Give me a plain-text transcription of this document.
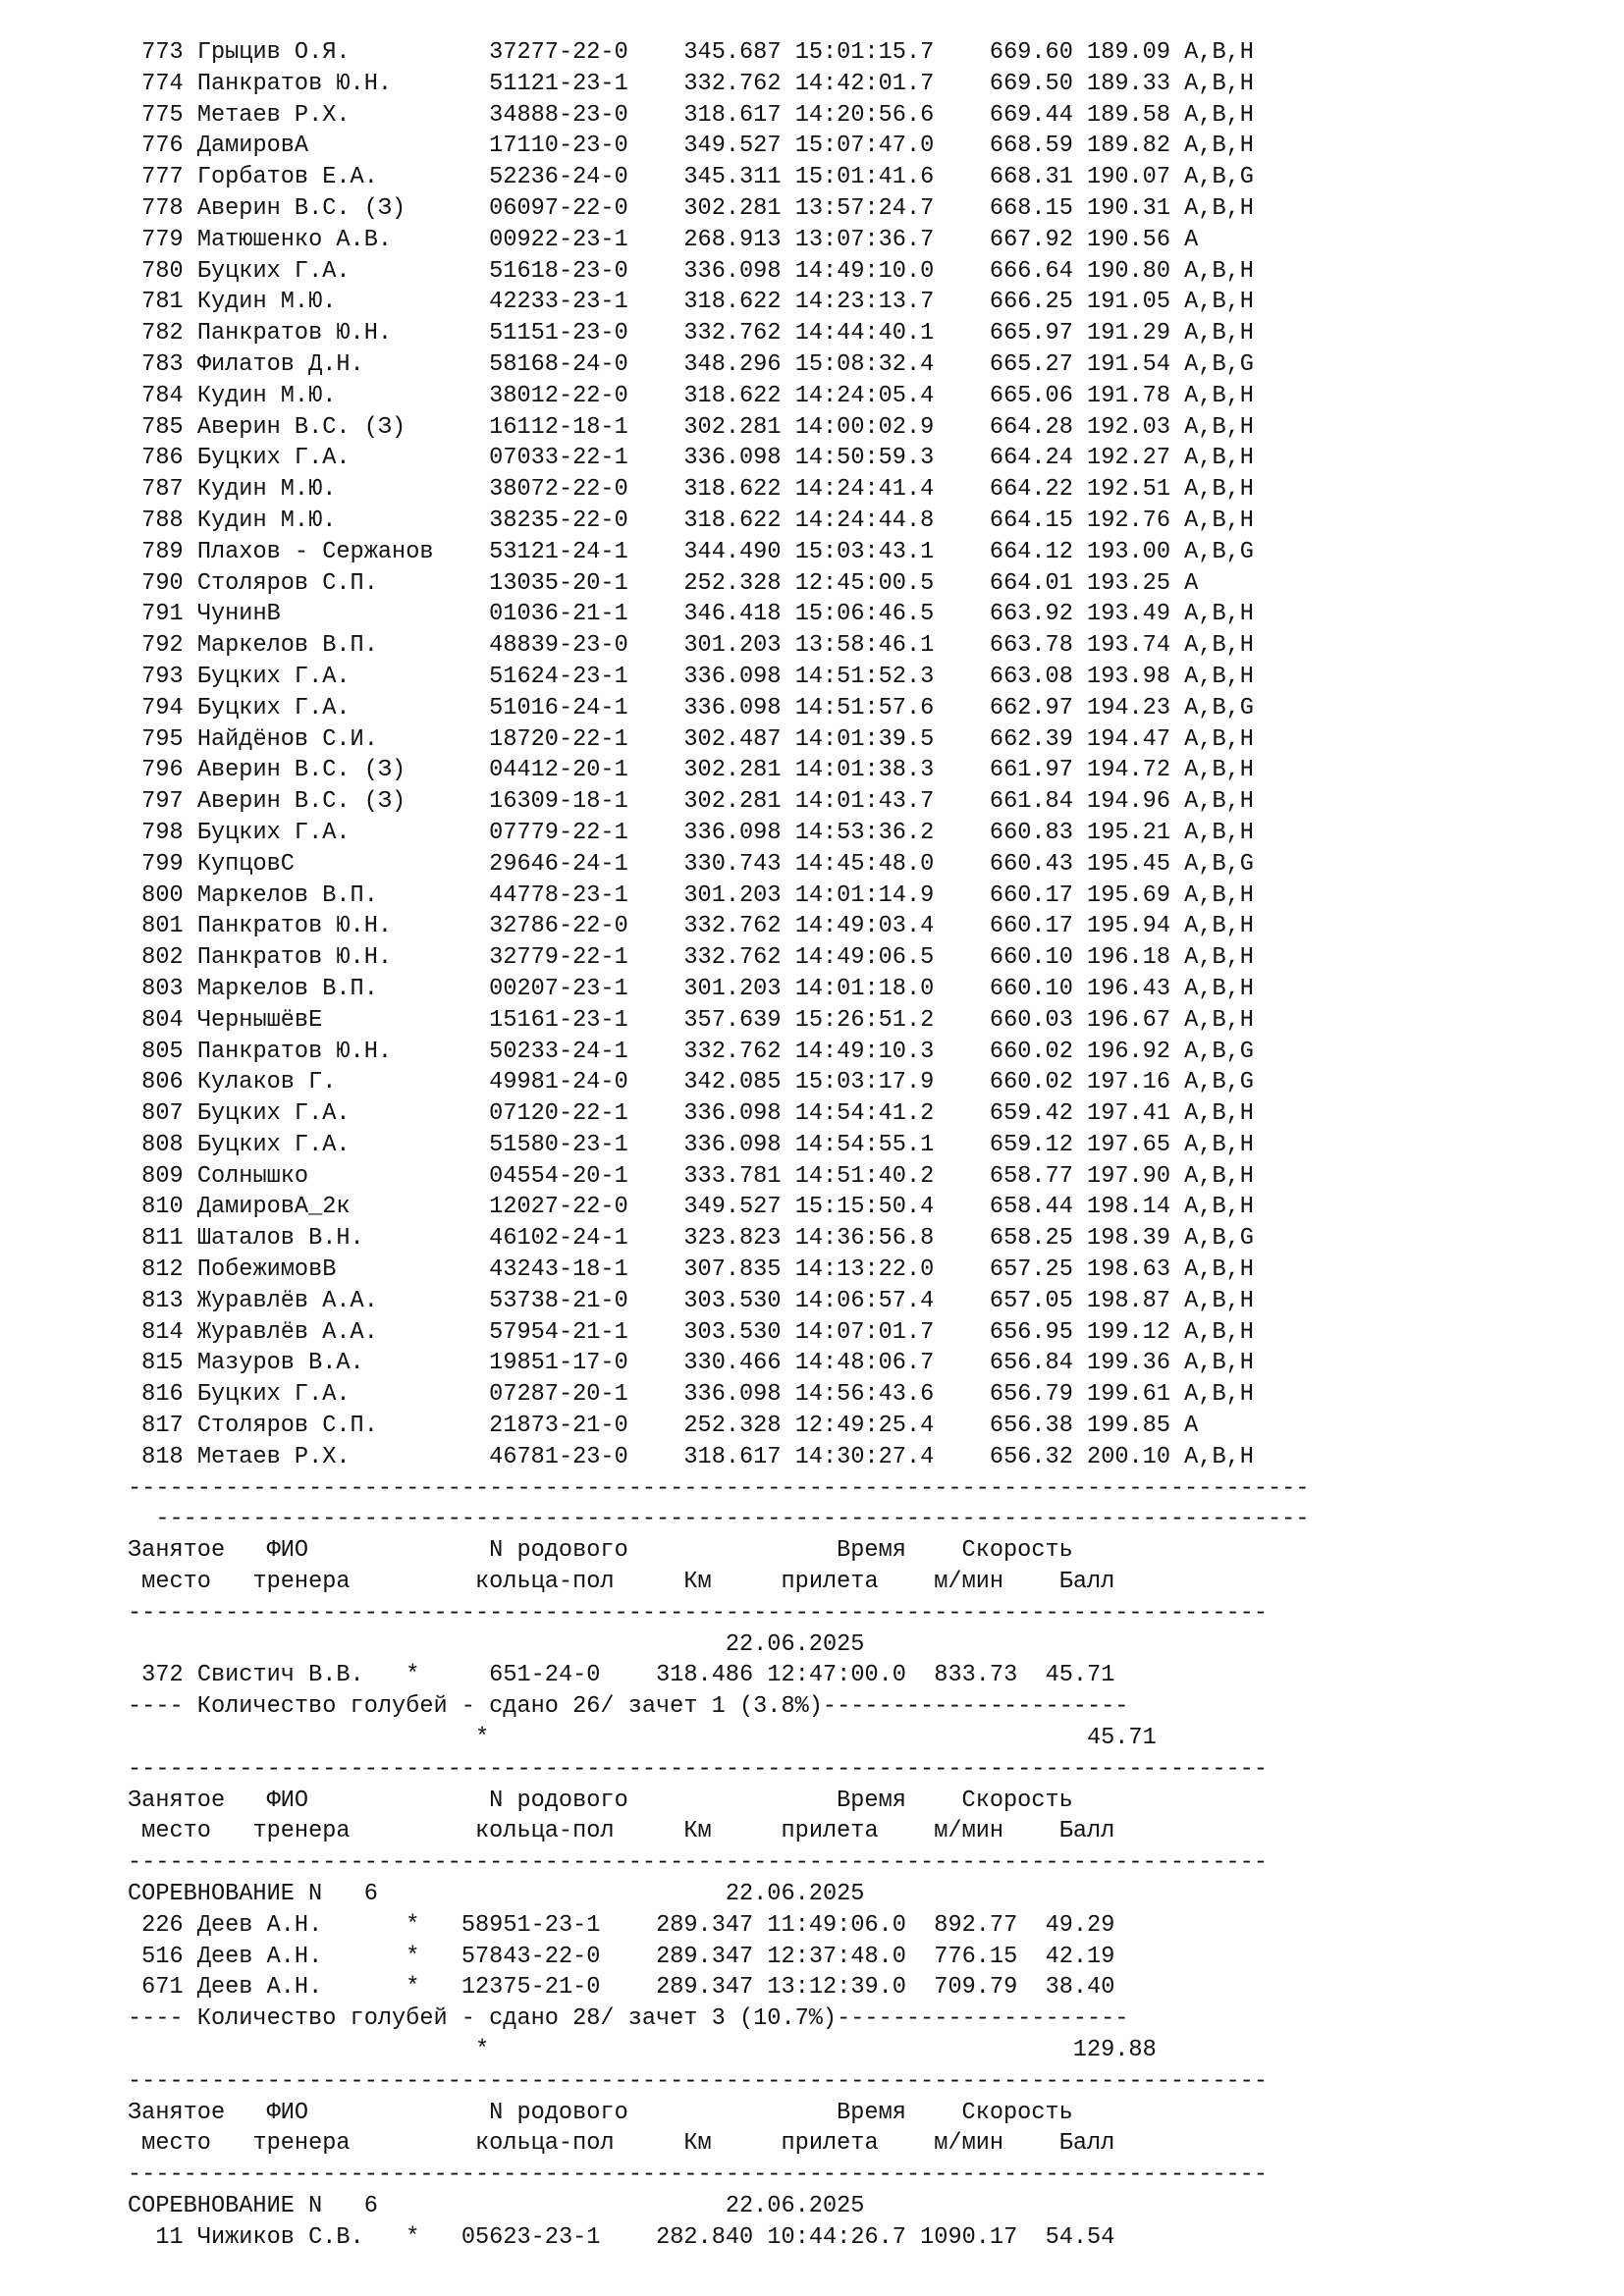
773 Грыцив О.Я.          37277-22-0 345.687 15:01:15.7 669.60 189.09 A,B,H
774 Панкратов Ю.Н.       51121-23-1 332.762 14:42:01.7 669.50 189.33 A,B,H
775 Метаев Р.Х.          34888-23-0 318.617 14:20:56.6 669.44 189.58 A,B,H
776 ДамировА             17110-23-0 349.527 15:07:47.0 668.59 189.82 A,B,H
777 Горбатов Е.А.        52236-24-0 345.311 15:01:41.6 668.31 190.07 A,B,G
778 Аверин В.С. (З)      06097-22-0 302.281 13:57:24.7 668.15 190.31 A,B,H
779 Матюшенко А.В.       00922-23-1 268.913 13:07:36.7 667.92 190.56 A
780 Буцких Г.А.          51618-23-0 336.098 14:49:10.0 666.64 190.80 A,B,H
781 Кудин М.Ю.           42233-23-1 318.622 14:23:13.7 666.25 191.05 A,B,H
782 Панкратов Ю.Н.       51151-23-0 332.762 14:44:40.1 665.97 191.29 A,B,H
783 Филатов Д.Н.         58168-24-0 348.296 15:08:32.4 665.27 191.54 A,B,G
784 Кудин М.Ю.           38012-22-0 318.622 14:24:05.4 665.06 191.78 A,B,H
785 Аверин В.С. (З)      16112-18-1 302.281 14:00:02.9 664.28 192.03 A,B,H
786 Буцких Г.А.          07033-22-1 336.098 14:50:59.3 664.24 192.27 A,B,H
787 Кудин М.Ю.           38072-22-0 318.622 14:24:41.4 664.22 192.51 A,B,H
788 Кудин М.Ю.           38235-22-0 318.622 14:24:44.8 664.15 192.76 A,B,H
789 Плахов - Сержанов    53121-24-1 344.490 15:03:43.1 664.12 193.00 A,B,G
790 Столяров С.П.        13035-20-1 252.328 12:45:00.5 664.01 193.25 A
791 ЧунинВ               01036-21-1 346.418 15:06:46.5 663.92 193.49 A,B,H
792 Маркелов В.П.        48839-23-0 301.203 13:58:46.1 663.78 193.74 A,B,H
793 Буцких Г.А.          51624-23-1 336.098 14:51:52.3 663.08 193.98 A,B,H
794 Буцких Г.А.          51016-24-1 336.098 14:51:57.6 662.97 194.23 A,B,G
795 Найдёнов С.И.        18720-22-1 302.487 14:01:39.5 662.39 194.47 A,B,H
796 Аверин В.С. (З)      04412-20-1 302.281 14:01:38.3 661.97 194.72 A,B,H
797 Аверин В.С. (З)      16309-18-1 302.281 14:01:43.7 661.84 194.96 A,B,H
798 Буцких Г.А.          07779-22-1 336.098 14:53:36.2 660.83 195.21 A,B,H
799 КупцовС              29646-24-1 330.743 14:45:48.0 660.43 195.45 A,B,G
800 Маркелов В.П.        44778-23-1 301.203 14:01:14.9 660.17 195.69 A,B,H
801 Панкратов Ю.Н.       32786-22-0 332.762 14:49:03.4 660.17 195.94 A,B,H
802 Панкратов Ю.Н.       32779-22-1 332.762 14:49:06.5 660.10 196.18 A,B,H
803 Маркелов В.П.        00207-23-1 301.203 14:01:18.0 660.10 196.43 A,B,H
804 ЧернышёвЕ            15161-23-1 357.639 15:26:51.2 660.03 196.67 A,B,H
805 Панкратов Ю.Н.       50233-24-1 332.762 14:49:10.3 660.02 196.92 A,B,G
806 Кулаков Г.           49981-24-0 342.085 15:03:17.9 660.02 197.16 A,B,G
807 Буцких Г.А.          07120-22-1 336.098 14:54:41.2 659.42 197.41 A,B,H
808 Буцких Г.А.          51580-23-1 336.098 14:54:55.1 659.12 197.65 A,B,H
809 Солнышко             04554-20-1 333.781 14:51:40.2 658.77 197.90 A,B,H
810 ДамировА_2к          12027-22-0 349.527 15:15:50.4 658.44 198.14 A,B,H
811 Шаталов В.Н.         46102-24-1 323.823 14:36:56.8 658.25 198.39 A,B,G
812 ПобежимовВ           43243-18-1 307.835 14:13:22.0 657.25 198.63 A,B,H
813 Журавлёв А.А.        53738-21-0 303.530 14:06:57.4 657.05 198.87 A,B,H
814 Журавлёв А.А.        57954-21-1 303.530 14:07:01.7 656.95 199.12 A,B,H
815 Мазуров В.А.         19851-17-0 330.466 14:48:06.7 656.84 199.36 A,B,H
816 Буцких Г.А.          07287-20-1 336.098 14:56:43.6 656.79 199.61 A,B,H
817 Столяров С.П.        21873-21-0 252.328 12:49:25.4 656.38 199.85 A
818 Метаев Р.Х.          46781-23-0 318.617 14:30:27.4 656.32 200.10 A,B,H
-------------------------------------------------------------------------------------
-----------------------------------------------------------------------------------
Занятое   ФИО             N родового               Время    Скорость
место   тренера         кольца-пол     Км     прилета    м/мин    Балл
----------------------------------------------------------------------------------
22.06.2025
372 Свистич В.В.   *     651-24-0 318.486 12:47:00.0  833.73  45.71
---- Количество голубей - сдано 26/ зачет 1 (3.8%)----------------------
*                                           45.71
----------------------------------------------------------------------------------
Занятое   ФИО             N родового               Время    Скорость
место   тренера         кольца-пол     Км     прилета    м/мин    Балл
----------------------------------------------------------------------------------
СОРЕВНОВАНИЕ N   6                         22.06.2025
226 Деев А.Н.      *   58951-23-1 289.347 11:49:06.0  892.77  49.29
516 Деев А.Н.      *   57843-22-0 289.347 12:37:48.0  776.15  42.19
671 Деев А.Н.      *   12375-21-0 289.347 13:12:39.0  709.79  38.40
---- Количество голубей - сдано 28/ зачет 3 (10.7%)---------------------
*                                          129.88
----------------------------------------------------------------------------------
Занятое   ФИО             N родового               Время    Скорость
место   тренера         кольца-пол     Км     прилета    м/мин    Балл
----------------------------------------------------------------------------------
СОРЕВНОВАНИЕ N   6                         22.06.2025
11 Чижиков С.В.   *   05623-23-1 282.840 10:44:26.7 1090.17  54.54
